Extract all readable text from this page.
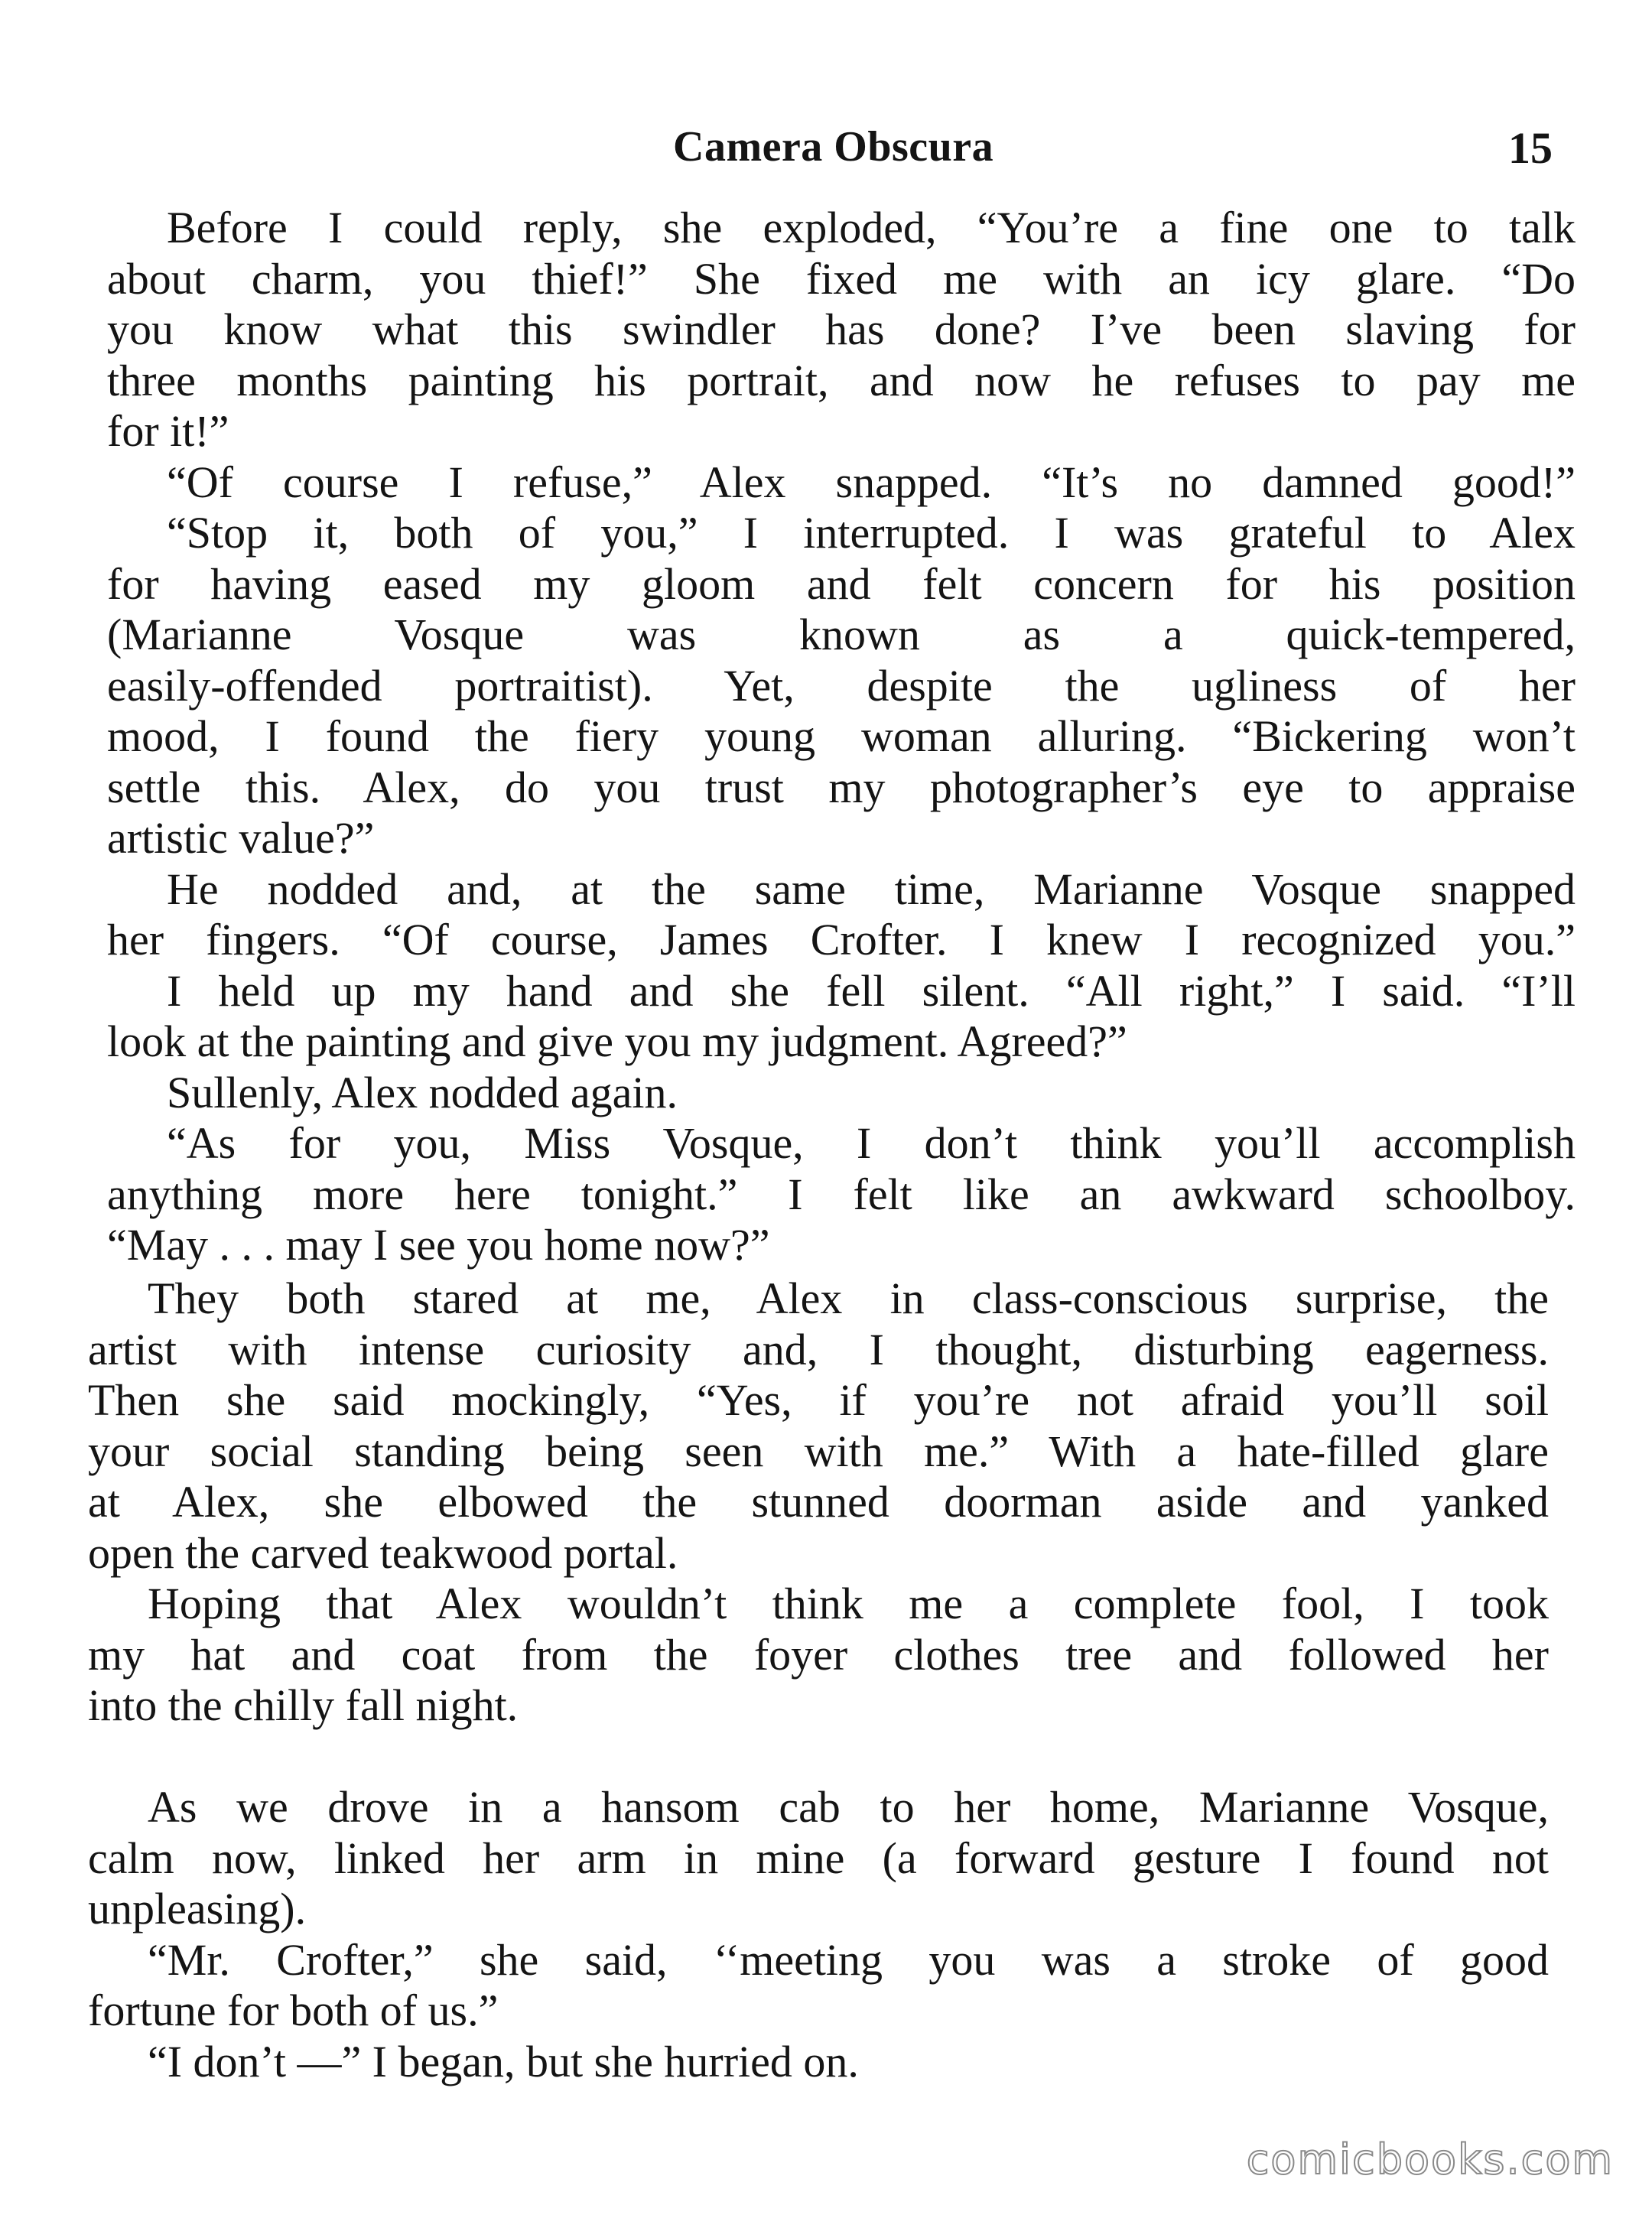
Camera Obscura	15
Before I could reply, she exploded, “You’re a fine one to talk
about charm, you thief!” She fixed me with an icy glare. “Do
you know what this swindler has done? I’ve been slaving for
three months painting his portrait, and now he refuses to pay me
for it!”
“Of course I refuse,” Alex snapped. “It’s no damned good!”
“Stop it, both of you,” I interrupted. I was grateful to Alex
for having eased my gloom and felt concern for his position
(Marianne Vosque was known as a quick-tempered,
easily-offended portraitist). Yet, despite the ugliness of her
mood, I found the fiery young woman alluring. “Bickering won’t
settle this. Alex, do you trust my photographer’s eye to appraise
artistic value?”
He nodded and, at the same time, Marianne Vosque snapped
her fingers. “Of course, James Crofter. I knew I recognized you.”
I held up my hand and she fell silent. “All right,” I said. “I’ll
look at the painting and give you my judgment. Agreed?”
Sullenly, Alex nodded again.
“As for you, Miss Vosque, I don’t think you’ll accomplish
anything more here tonight.” I felt like an awkward schoolboy.
“May . . . may I see you home now?”
They both stared at me, Alex in class-conscious surprise, the
artist with intense curiosity and, I thought, disturbing eagerness.
Then she said mockingly, “Yes, if you’re not afraid you’ll soil
your social standing being seen with me.” With a hate-filled glare
at Alex, she elbowed the stunned doorman aside and yanked
open the carved teakwood portal.
Hoping that Alex wouldn’t think me a complete fool, I took
my hat and coat from the foyer clothes tree and followed her
into the chilly fall night.
As we drove in a hansom cab to her home, Marianne Vosque,
calm now, linked her arm in mine (a forward gesture I found not
unpleasing).
“Mr. Crofter,” she said, ‘‘meeting you was a stroke of good
fortune for both of us.”
“I don’t —” I began, but she hurried on.
comicbooks.com
